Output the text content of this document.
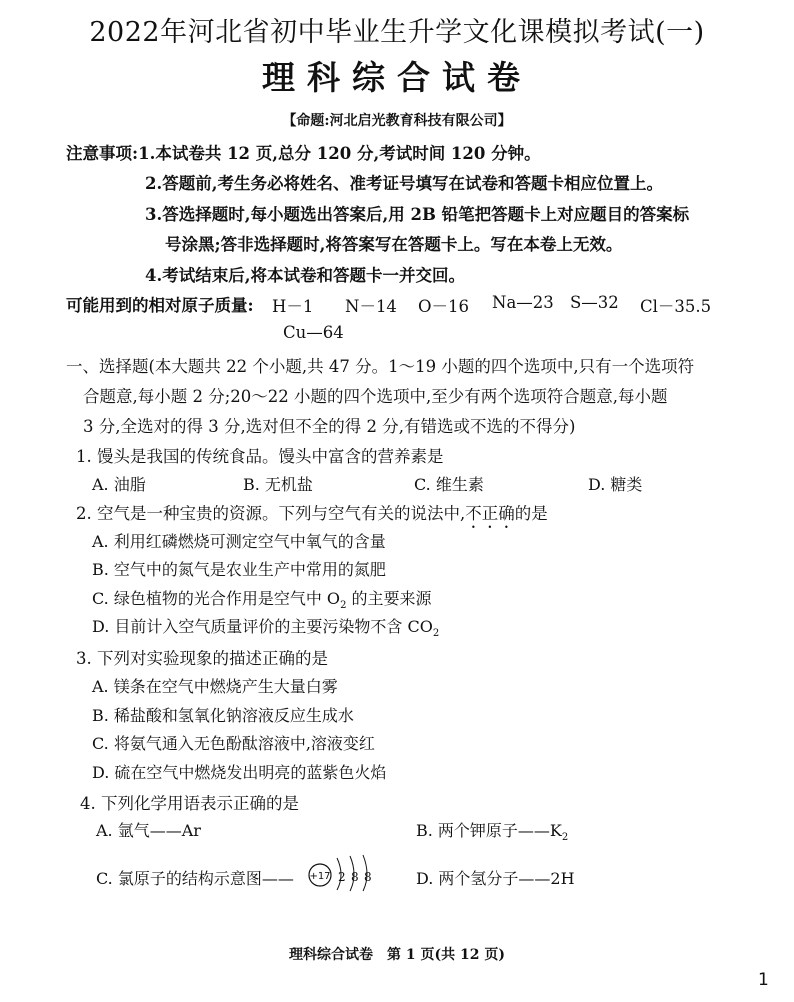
2022年河北省初中毕业生升学文化课模拟考试(一)
理科综合试卷
【命题:河北启光教育科技有限公司】
注意事项:1.本试卷共 12 页,总分 120 分,考试时间 120 分钟。
2.答题前,考生务必将姓名、准考证号填写在试卷和答题卡相应位置上。
3.答选择题时,每小题选出答案后,用 2B 铅笔把答题卡上对应题目的答案标
号涂黑;答非选择题时,将答案写在答题卡上。写在本卷上无效。
4.考试结束后,将本试卷和答题卡一并交回。
可能用到的相对原子质量: H－1 N－14 O－16 Na—23 S—32 Cl－35.5
Cu—64
一、选择题(本大题共 22 个小题,共 47 分。1～19 小题的四个选项中,只有一个选项符
合题意,每小题 2 分;20～22 小题的四个选项中,至少有两个选项符合题意,每小题
3 分,全选对的得 3 分,选对但不全的得 2 分,有错选或不选的不得分)
1. 馒头是我国的传统食品。馒头中富含的营养素是
A. 油脂	B. 无机盐	C. 维生素	D. 糖类
2. 空气是一种宝贵的资源。下列与空气有关的说法中,不正确的是
A. 利用红磷燃烧可测定空气中氧气的含量
B. 空气中的氮气是农业生产中常用的氮肥
C. 绿色植物的光合作用是空气中 $O_2$ 的主要来源
D. 目前计入空气质量评价的主要污染物不含 $CO_2$
3. 下列对实验现象的描述正确的是
A. 镁条在空气中燃烧产生大量白雾
B. 稀盐酸和氢氧化钠溶液反应生成水
C. 将氨气通入无色酚酞溶液中,溶液变红
D. 硫在空气中燃烧发出明亮的蓝紫色火焰
4. 下列化学用语表示正确的是
A. 氩气——Ar	B. 两个钾原子$——K_2$
C. 氯原子的结构示意图—— +17 2 8 8	D. 两个氢分子——2H
理科综合试卷　第 1 页(共 12 页)
1
